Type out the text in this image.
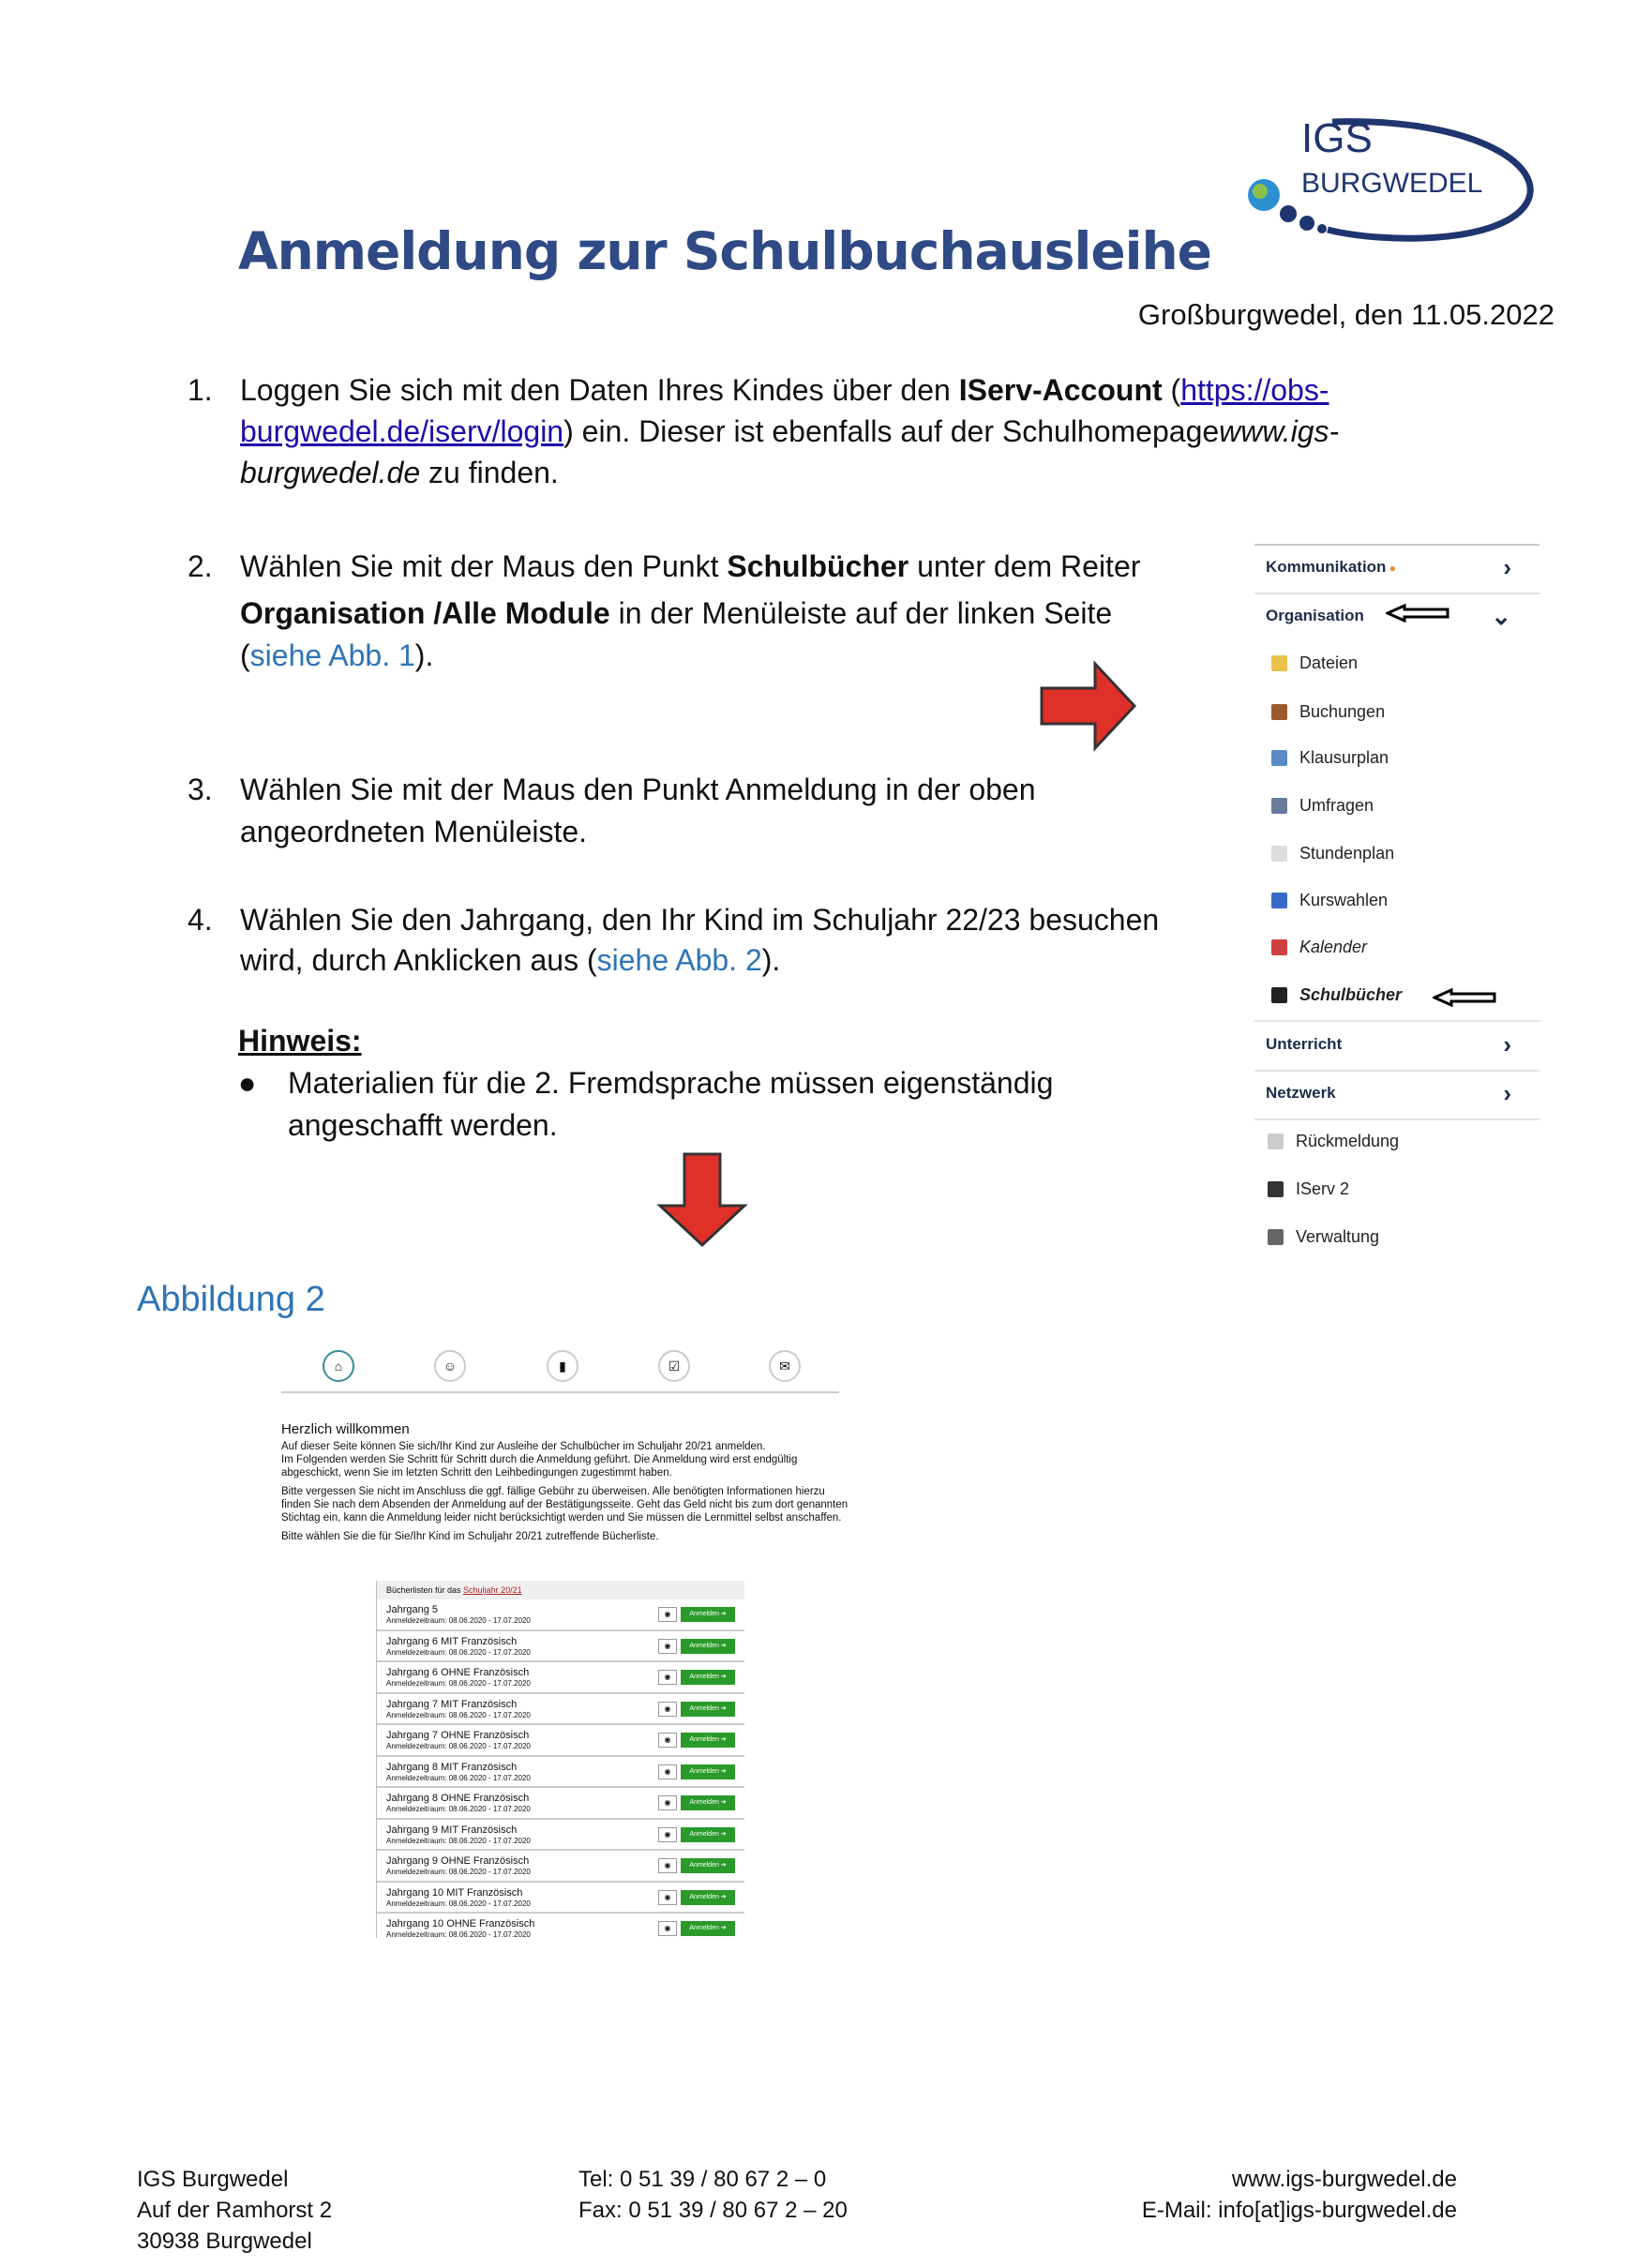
IGS
BURGWEDEL
Anmeldung zur Schulbuchausleihe
Großburgwedel, den 11.05.2022
1. Loggen Sie sich mit den Daten Ihres Kindes über den IServ-Account (https://obs-
burgwedel.de/iserv/login) ein. Dieser ist ebenfalls auf der Schulhomepagewww.igs-
burgwedel.de zu finden.
2. Wählen Sie mit der Maus den Punkt Schulbücher unter dem Reiter
Organisation /Alle Module in der Menüleiste auf der linken Seite
(siehe Abb. 1).
3. Wählen Sie mit der Maus den Punkt Anmeldung in der oben
angeordneten Menüleiste.
4. Wählen Sie den Jahrgang, den Ihr Kind im Schuljahr 22/23 besuchen
wird, durch Anklicken aus (siehe Abb. 2).
Hinweis:
● Materialien für die 2. Fremdsprache müssen eigenständig
angeschafft werden.
Kommunikation ●	›
Organisation	⌄
Dateien
Buchungen
Klausurplan
Umfragen
Stundenplan
Kurswahlen
Kalender
Schulbücher
Unterricht	›
Netzwerk	›
Rückmeldung
IServ 2
Verwaltung
Abbildung 2
⌂	☺	▮	☑	✉
Herzlich willkommen
Auf dieser Seite können Sie sich/Ihr Kind zur Ausleihe der Schulbücher im Schuljahr 20/21 anmelden.
Im Folgenden werden Sie Schritt für Schritt durch die Anmeldung geführt. Die Anmeldung wird erst endgültig abgeschickt, wenn Sie im letzten Schritt den Leihbedingungen zugestimmt haben.
Bitte vergessen Sie nicht im Anschluss die ggf. fällige Gebühr zu überweisen. Alle benötigten Informationen hierzu finden Sie nach dem Absenden der Anmeldung auf der Bestätigungsseite. Geht das Geld nicht bis zum dort genannten Stichtag ein, kann die Anmeldung leider nicht berücksichtigt werden und Sie müssen die Lernmittel selbst anschaffen.
Bitte wählen Sie die für Sie/Ihr Kind im Schuljahr 20/21 zutreffende Bücherliste.
Bücherlisten für das Schuljahr 20/21
Jahrgang 5
Anmeldezeitraum: 08.06.2020 - 17.07.2020
◉	Anmelden ➔
Jahrgang 6 MIT Französisch
Anmeldezeitraum: 08.06.2020 - 17.07.2020
◉	Anmelden ➔
Jahrgang 6 OHNE Französisch
Anmeldezeitraum: 08.06.2020 - 17.07.2020
◉	Anmelden ➔
Jahrgang 7 MIT Französisch
Anmeldezeitraum: 08.06.2020 - 17.07.2020
◉	Anmelden ➔
Jahrgang 7 OHNE Französisch
Anmeldezeitraum: 08.06.2020 - 17.07.2020
◉	Anmelden ➔
Jahrgang 8 MIT Französisch
Anmeldezeitraum: 08.06.2020 - 17.07.2020
◉	Anmelden ➔
Jahrgang 8 OHNE Französisch
Anmeldezeitraum: 08.06.2020 - 17.07.2020
◉	Anmelden ➔
Jahrgang 9 MIT Französisch
Anmeldezeitraum: 08.06.2020 - 17.07.2020
◉	Anmelden ➔
Jahrgang 9 OHNE Französisch
Anmeldezeitraum: 08.06.2020 - 17.07.2020
◉	Anmelden ➔
Jahrgang 10 MIT Französisch
Anmeldezeitraum: 08.06.2020 - 17.07.2020
◉	Anmelden ➔
Jahrgang 10 OHNE Französisch
Anmeldezeitraum: 08.06.2020 - 17.07.2020
◉	Anmelden ➔
IGS Burgwedel
Auf der Ramhorst 2
30938 Burgwedel
Tel: 0 51 39 / 80 67 2 – 0
Fax: 0 51 39 / 80 67 2 – 20
www.igs-burgwedel.de
E-Mail: info[at]igs-burgwedel.de
